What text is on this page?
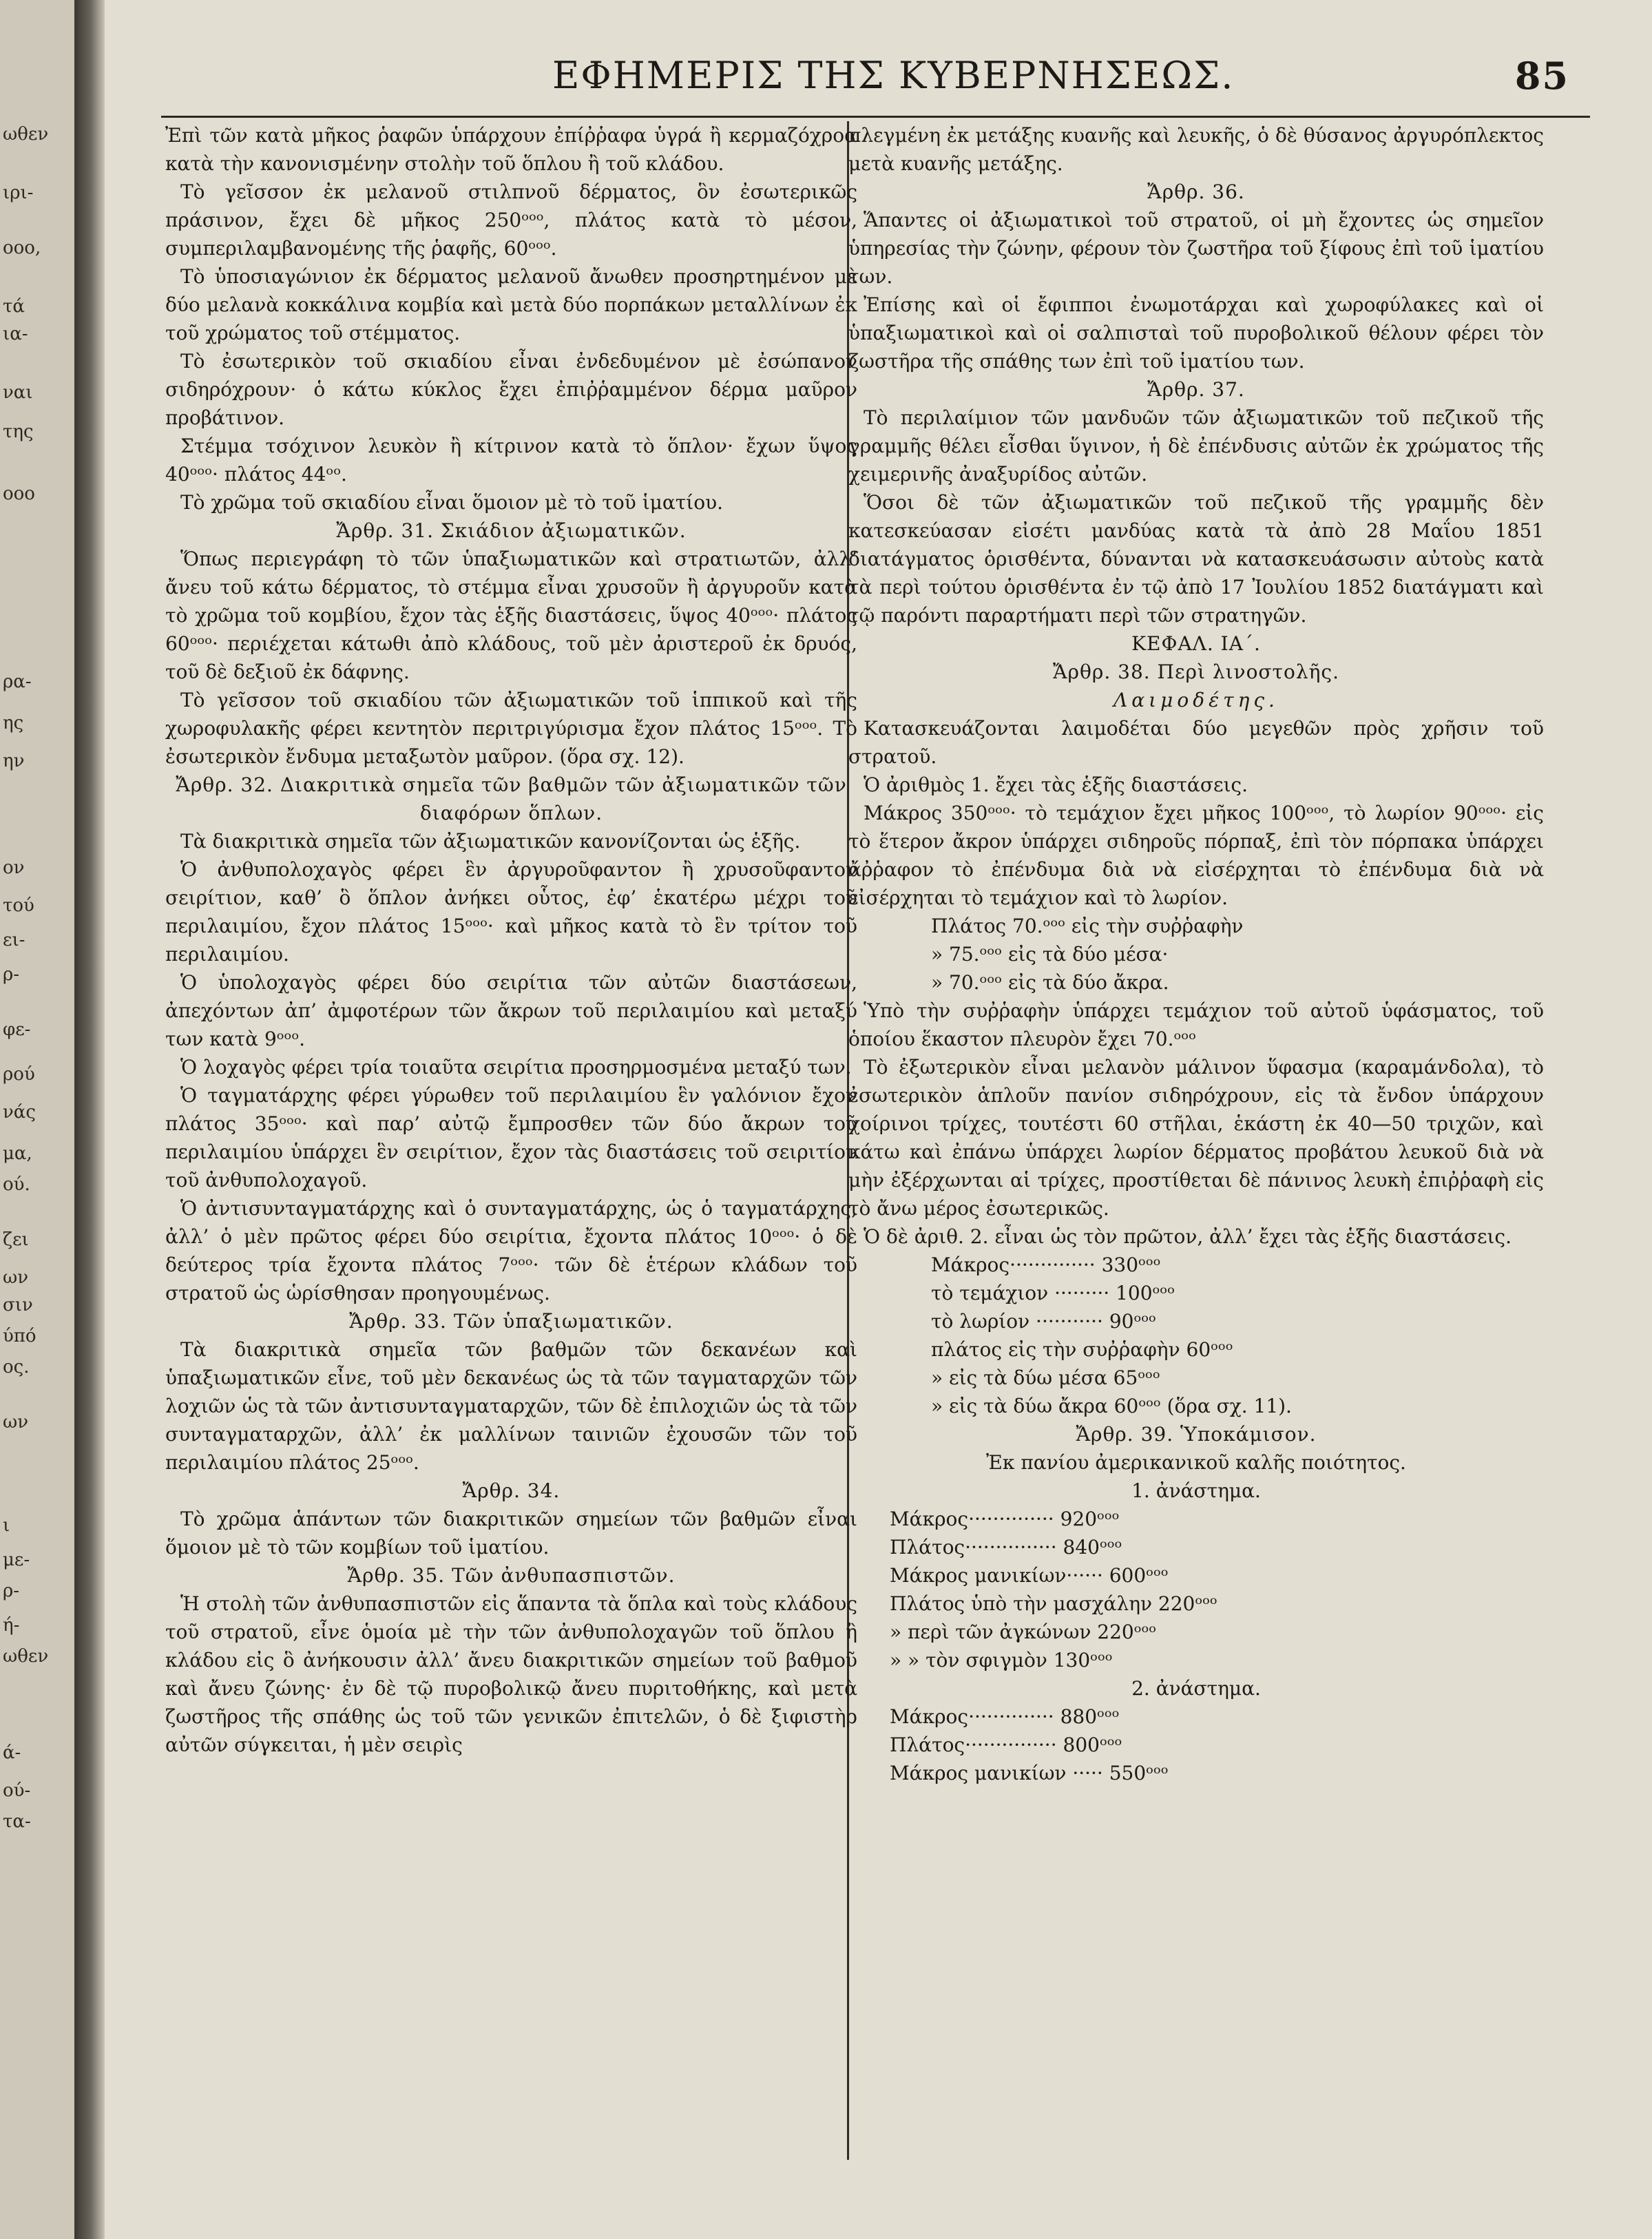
ωθεν
ιρι-
ooo,
τά
ια-
ναι
της
ooo
ρα-
ης
ην
ον
τού
ει-
ρ-
φε-
ρού
νάς
μα,
ού.
ζει
ων
σιν
ύπό
ος.
ων
ι
με-
ρ-
ή-
ωθεν
ά-
ού-
τα-
ΕΦΗΜΕΡΙΣ ΤΗΣ ΚΥΒΕΡΝΗΣΕΩΣ.	85

Ἐπὶ τῶν κατὰ μῆκος ῥαφῶν ὑπάρχουν ἐπίῤῥαφα ὑγρά ἢ κερμαζόχροα κατὰ τὴν κανονισμένην στολὴν τοῦ ὅπλου ἢ τοῦ κλάδου.

Τὸ γεῖσσον ἐκ μελανοῦ στιλπνοῦ δέρματος, ὃν ἐσωτερικῶς πράσινον, ἔχει δὲ μῆκος 250ᵒᵒᵒ, πλάτος κατὰ τὸ μέσον, συμπεριλαμβανομένης τῆς ῥαφῆς, 60ᵒᵒᵒ.

Τὸ ὑποσιαγώνιον ἐκ δέρματος μελανοῦ ἄνωθεν προσηρτημένον μὲ δύο μελανὰ κοκκάλινα κομβία καὶ μετὰ δύο πορπάκων μεταλλίνων ἐκ τοῦ χρώματος τοῦ στέμματος.

Τὸ ἐσωτερικὸν τοῦ σκιαδίου εἶναι ἐνδεδυμένον μὲ ἐσώπανον σιδηρόχρουν· ὁ κάτω κύκλος ἔχει ἐπιῤῥαμμένον δέρμα μαῦρον προβάτινον.

Στέμμα τσόχινον λευκὸν ἢ κίτρινον κατὰ τὸ ὅπλον· ἔχων ὕψος 40ᵒᵒᵒ· πλάτος 44ᵒᵒ.

Τὸ χρῶμα τοῦ σκιαδίου εἶναι ὅμοιον μὲ τὸ τοῦ ἱματίου.

Ἄρθρ. 31. Σκιάδιον ἀξιωματικῶν.

Ὅπως περιεγράφη τὸ τῶν ὑπαξιωματικῶν καὶ στρατιωτῶν, ἀλλ’ ἄνευ τοῦ κάτω δέρματος, τὸ στέμμα εἶναι χρυσοῦν ἢ ἀργυροῦν κατὰ τὸ χρῶμα τοῦ κομβίου, ἔχον τὰς ἑξῆς διαστάσεις, ὕψος 40ᵒᵒᵒ· πλάτος 60ᵒᵒᵒ· περιέχεται κάτωθι ἀπὸ κλάδους, τοῦ μὲν ἀριστεροῦ ἐκ δρυός, τοῦ δὲ δεξιοῦ ἐκ δάφνης.

Τὸ γεῖσσον τοῦ σκιαδίου τῶν ἀξιωματικῶν τοῦ ἱππικοῦ καὶ τῆς χωροφυλακῆς φέρει κεντητὸν περιτριγύρισμα ἔχον πλάτος 15ᵒᵒᵒ. Τὸ ἐσωτερικὸν ἔνδυμα μεταξωτὸν μαῦρον. (ὅρα σχ. 12).

Ἄρθρ. 32. Διακριτικὰ σημεῖα τῶν βαθμῶν τῶν ἀξιωματικῶν τῶν διαφόρων ὅπλων.

Τὰ διακριτικὰ σημεῖα τῶν ἀξιωματικῶν κανονίζονται ὡς ἑξῆς.

Ὁ ἀνθυπολοχαγὸς φέρει ἓν ἀργυροῦφαντον ἢ χρυσοῦφαντον σειρίτιον, καθ’ ὃ ὅπλον ἀνήκει οὗτος, ἐφ’ ἑκατέρω μέχρι τοῦ περιλαιμίου, ἔχον πλάτος 15ᵒᵒᵒ· καὶ μῆκος κατὰ τὸ ἓν τρίτον τοῦ περιλαιμίου.

Ὁ ὑπολοχαγὸς φέρει δύο σειρίτια τῶν αὐτῶν διαστάσεων, ἀπεχόντων ἀπ’ ἀμφοτέρων τῶν ἄκρων τοῦ περιλαιμίου καὶ μεταξύ των κατὰ 9ᵒᵒᵒ.

Ὁ λοχαγὸς φέρει τρία τοιαῦτα σειρίτια προσηρμοσμένα μεταξύ των.

Ὁ ταγματάρχης φέρει γύρωθεν τοῦ περιλαιμίου ἓν γαλόνιον ἔχον πλάτος 35ᵒᵒᵒ· καὶ παρ’ αὐτῷ ἔμπροσθεν τῶν δύο ἄκρων τοῦ περιλαιμίου ὑπάρχει ἓν σειρίτιον, ἔχον τὰς διαστάσεις τοῦ σειριτίου τοῦ ἀνθυπολοχαγοῦ.

Ὁ ἀντισυνταγματάρχης καὶ ὁ συνταγματάρχης, ὡς ὁ ταγματάρχης, ἀλλ’ ὁ μὲν πρῶτος φέρει δύο σειρίτια, ἔχοντα πλάτος 10ᵒᵒᵒ· ὁ δὲ δεύτερος τρία ἔχοντα πλάτος 7ᵒᵒᵒ· τῶν δὲ ἑτέρων κλάδων τοῦ στρατοῦ ὡς ὡρίσθησαν προηγουμένως.

Ἄρθρ. 33. Τῶν ὑπαξιωματικῶν.

Τὰ διακριτικὰ σημεῖα τῶν βαθμῶν τῶν δεκανέων καὶ ὑπαξιωματικῶν εἶνε, τοῦ μὲν δεκανέως ὡς τὰ τῶν ταγματαρχῶν τῶν λοχιῶν ὡς τὰ τῶν ἀντισυνταγματαρχῶν, τῶν δὲ ἐπιλοχιῶν ὡς τὰ τῶν συνταγματαρχῶν, ἀλλ’ ἐκ μαλλίνων ταινιῶν ἐχουσῶν τῶν τοῦ περιλαιμίου πλάτος 25ᵒᵒᵒ.

Ἄρθρ. 34.

Τὸ χρῶμα ἁπάντων τῶν διακριτικῶν σημείων τῶν βαθμῶν εἶναι ὅμοιον μὲ τὸ τῶν κομβίων τοῦ ἱματίου.

Ἄρθρ. 35. Τῶν ἀνθυπασπιστῶν.

Ἡ στολὴ τῶν ἀνθυπασπιστῶν εἰς ἅπαντα τὰ ὅπλα καὶ τοὺς κλάδους τοῦ στρατοῦ, εἶνε ὁμοία μὲ τὴν τῶν ἀνθυπολοχαγῶν τοῦ ὅπλου ἢ κλάδου εἰς ὃ ἀνήκουσιν ἀλλ’ ἄνευ διακριτικῶν σημείων τοῦ βαθμοῦ καὶ ἄνευ ζώνης· ἐν δὲ τῷ πυροβολικῷ ἄνευ πυριτοθήκης, καὶ μετὰ ζωστῆρος τῆς σπάθης ὡς τοῦ τῶν γενικῶν ἐπιτελῶν, ὁ δὲ ξιφιστὴρ αὐτῶν σύγκειται, ἡ μὲν σειρὶς

πλεγμένη ἐκ μετάξης κυανῆς καὶ λευκῆς, ὁ δὲ θύσανος ἀργυρόπλεκτος μετὰ κυανῆς μετάξης.

Ἄρθρ. 36.

Ἅπαντες οἱ ἀξιωματικοὶ τοῦ στρατοῦ, οἱ μὴ ἔχοντες ὡς σημεῖον ὑπηρεσίας τὴν ζώνην, φέρουν τὸν ζωστῆρα τοῦ ξίφους ἐπὶ τοῦ ἱματίου των.

Ἐπίσης καὶ οἱ ἔφιπποι ἐνωμοτάρχαι καὶ χωροφύλακες καὶ οἱ ὑπαξιωματικοὶ καὶ οἱ σαλπισταὶ τοῦ πυροβολικοῦ θέλουν φέρει τὸν ζωστῆρα τῆς σπάθης των ἐπὶ τοῦ ἱματίου των.

Ἄρθρ. 37.

Τὸ περιλαίμιον τῶν μανδυῶν τῶν ἀξιωματικῶν τοῦ πεζικοῦ τῆς γραμμῆς θέλει εἶσθαι ὕγινον, ἡ δὲ ἐπένδυσις αὐτῶν ἐκ χρώματος τῆς χειμερινῆς ἀναξυρίδος αὐτῶν.

Ὅσοι δὲ τῶν ἀξιωματικῶν τοῦ πεζικοῦ τῆς γραμμῆς δὲν κατεσκεύασαν εἰσέτι μανδύας κατὰ τὰ ἀπὸ 28 Μαΐου 1851 διατάγματος ὁρισθέντα, δύνανται νὰ κατασκευάσωσιν αὐτοὺς κατὰ τὰ περὶ τούτου ὁρισθέντα ἐν τῷ ἀπὸ 17 Ἰουλίου 1852 διατάγματι καὶ τῷ παρόντι παραρτήματι περὶ τῶν στρατηγῶν.

ΚΕΦΑΛ. ΙΑ΄.

Ἄρθρ. 38. Περὶ λινοστολῆς.

Λαιμοδέτης.

Κατασκευάζονται λαιμοδέται δύο μεγεθῶν πρὸς χρῆσιν τοῦ στρατοῦ.

Ὁ ἀριθμὸς 1. ἔχει τὰς ἑξῆς διαστάσεις.

Μάκρος 350ᵒᵒᵒ· τὸ τεμάχιον ἔχει μῆκος 100ᵒᵒᵒ, τὸ λωρίον 90ᵒᵒᵒ· εἰς τὸ ἕτερον ἄκρον ὑπάρχει σιδηροῦς πόρπαξ, ἐπὶ τὸν πόρπακα ὑπάρχει ἄῤῥαφον τὸ ἐπένδυμα διὰ νὰ εἰσέρχηται τὸ ἐπένδυμα διὰ νὰ εἰσέρχηται τὸ τεμάχιον καὶ τὸ λωρίον.

Πλάτος 70.ᵒᵒᵒ εἰς τὴν συῤῥαφὴν

» 75.ᵒᵒᵒ εἰς τὰ δύο μέσα·

» 70.ᵒᵒᵒ εἰς τὰ δύο ἄκρα.

Ὑπὸ τὴν συῤῥαφὴν ὑπάρχει τεμάχιον τοῦ αὐτοῦ ὑφάσματος, τοῦ ὁποίου ἕκαστον πλευρὸν ἔχει 70.ᵒᵒᵒ

Τὸ ἐξωτερικὸν εἶναι μελανὸν μάλινον ὕφασμα (καραμάνδολα), τὸ ἐσωτερικὸν ἁπλοῦν πανίον σιδηρόχρουν, εἰς τὰ ἔνδον ὑπάρχουν χοίρινοι τρίχες, τουτέστι 60 στῆλαι, ἑκάστη ἐκ 40—50 τριχῶν, καὶ κάτω καὶ ἐπάνω ὑπάρχει λωρίον δέρματος προβάτου λευκοῦ διὰ νὰ μὴν ἐξέρχωνται αἱ τρίχες, προστίθεται δὲ πάνινος λευκὴ ἐπιῤῥαφὴ εἰς τὸ ἄνω μέρος ἐσωτερικῶς.

Ὁ δὲ ἀριθ. 2. εἶναι ὡς τὸν πρῶτον, ἀλλ’ ἔχει τὰς ἑξῆς διαστάσεις.

Μάκρος·············· 330ᵒᵒᵒ

τὸ τεμάχιον ········· 100ᵒᵒᵒ

τὸ λωρίον ··········· 90ᵒᵒᵒ

πλάτος εἰς τὴν συῤῥαφὴν 60ᵒᵒᵒ

» εἰς τὰ δύω μέσα 65ᵒᵒᵒ

» εἰς τὰ δύω ἄκρα 60ᵒᵒᵒ (ὅρα σχ. 11).

Ἄρθρ. 39. Ὑποκάμισον.

Ἐκ πανίου ἀμερικανικοῦ καλῆς ποιότητος.

1. ἀνάστημα.

Μάκρος·············· 920ᵒᵒᵒ

Πλάτος··············· 840ᵒᵒᵒ

Μάκρος μανικίων······ 600ᵒᵒᵒ

Πλάτος ὑπὸ τὴν μασχάλην 220ᵒᵒᵒ

» περὶ τῶν ἀγκώνων 220ᵒᵒᵒ

» » τὸν σφιγμὸν 130ᵒᵒᵒ

2. ἀνάστημα.

Μάκρος·············· 880ᵒᵒᵒ

Πλάτος··············· 800ᵒᵒᵒ

Μάκρος μανικίων ····· 550ᵒᵒᵒ
